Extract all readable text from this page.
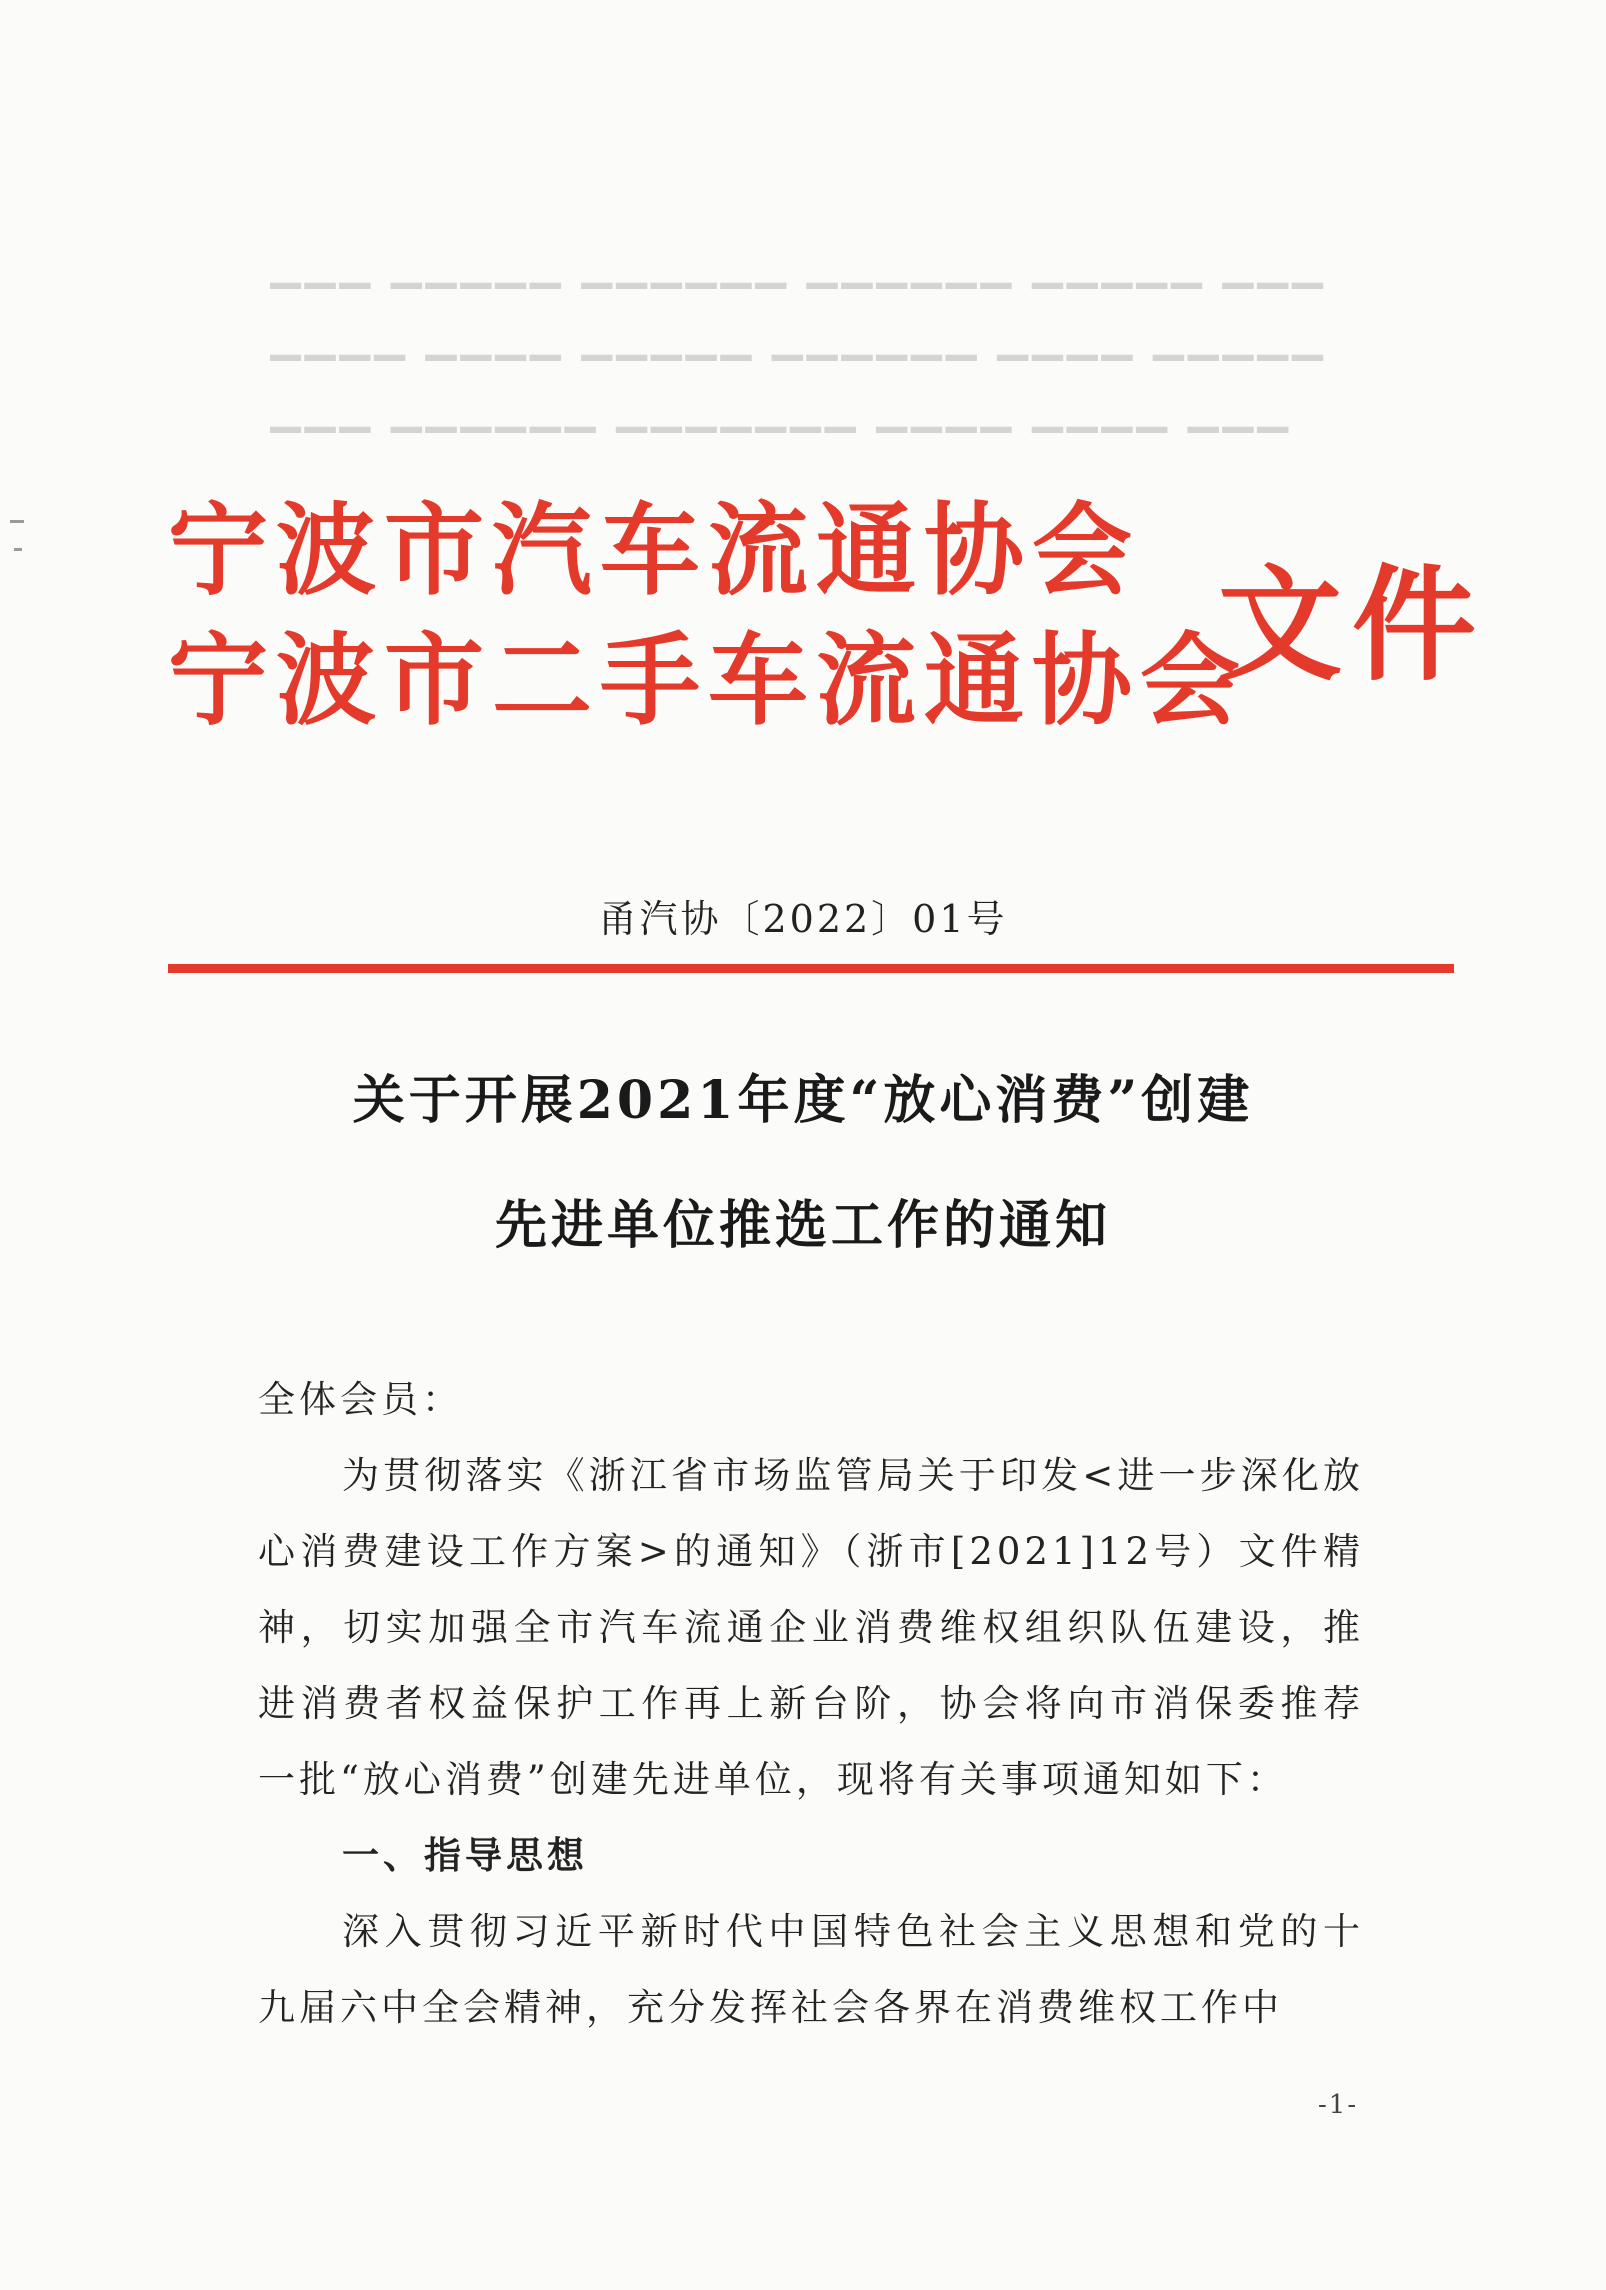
▁▁▁ ▁▁▁▁▁ ▁▁▁▁▁▁ ▁▁▁▁▁▁ ▁▁▁▁▁ ▁▁▁
▁▁▁▁ ▁▁▁▁ ▁▁▁▁▁ ▁▁▁▁▁▁ ▁▁▁▁ ▁▁▁▁▁
▁▁▁ ▁▁▁▁▁▁ ▁▁▁▁▁▁▁ ▁▁▁▁ ▁▁▁▁ ▁▁▁
宁波市汽车流通协会
宁波市二手车流通协会
文件
甬汽协〔2022〕01号
关于开展2021年度“放心消费”创建
先进单位推选工作的通知
全体会员：
为贯彻落实《浙江省市场监管局关于印发<进一步深化放心消费建设工作方案>的通知》（浙市[2021]12号）文件精神，切实加强全市汽车流通企业消费维权组织队伍建设，推进消费者权益保护工作再上新台阶，协会将向市消保委推荐一批“放心消费”创建先进单位，现将有关事项通知如下：
一、指导思想
深入贯彻习近平新时代中国特色社会主义思想和党的十九届六中全会精神，充分发挥社会各界在消费维权工作中
-1-
